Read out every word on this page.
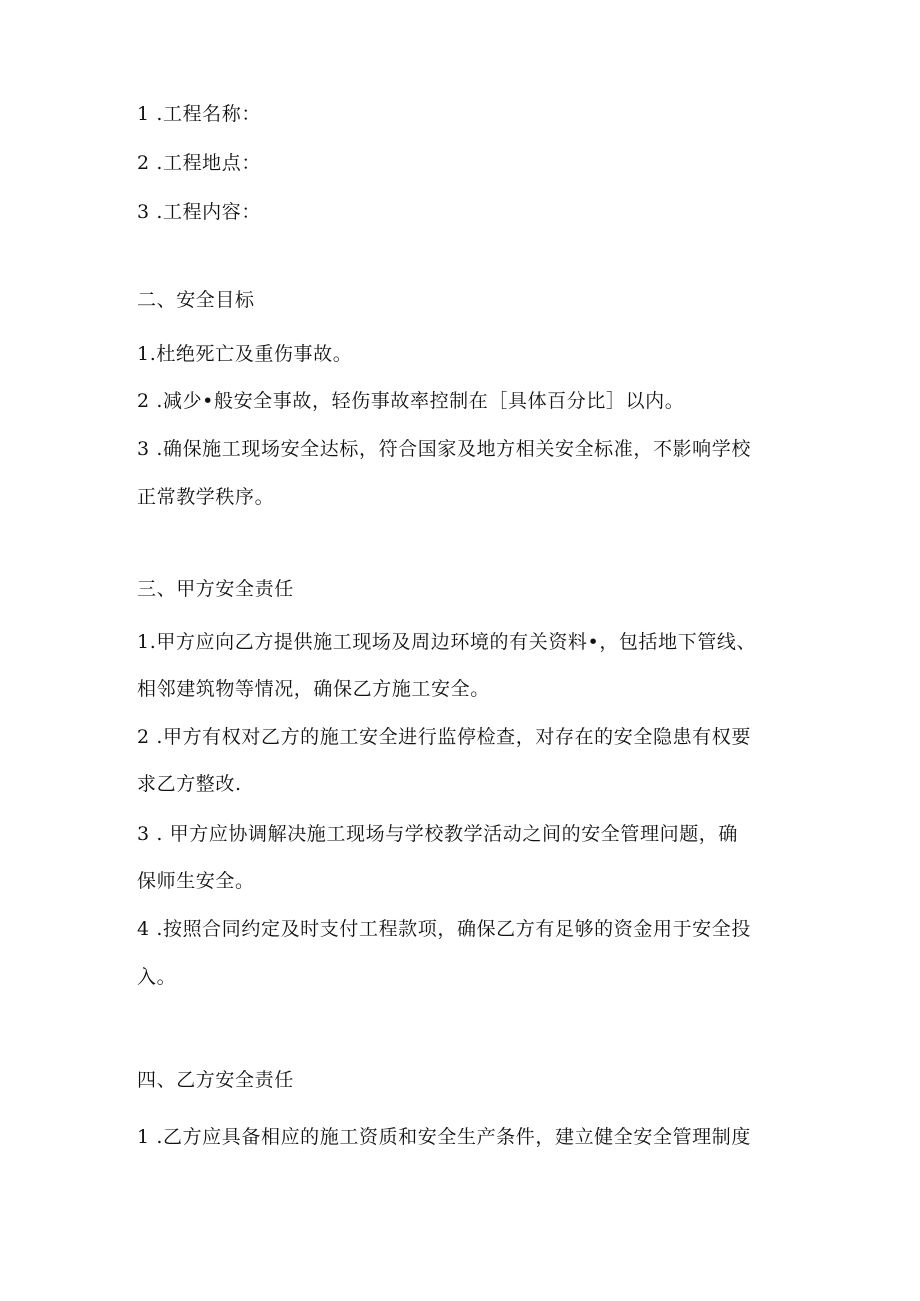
1 .工程名称：
2 .工程地点：
3 .工程内容：
二、安全目标
1.杜绝死亡及重伤事故。
2 .减少•般安全事故，轻伤事故率控制在［具体百分比］以内。
3 .确保施工现场安全达标，符合国家及地方相关安全标准，不影响学校
正常教学秩序。
三、甲方安全责任
1.甲方应向乙方提供施工现场及周边环境的有关资料•，包括地下管线、
相邻建筑物等情况，确保乙方施工安全。
2 .甲方有权对乙方的施工安全进行监停检查，对存在的安全隐患有权要
求乙方整改.
3 . 甲方应协调解决施工现场与学校教学活动之间的安全管理问题，确
保师生安全。
4 .按照合同约定及时支付工程款项，确保乙方有足够的资金用于安全投
入。
四、乙方安全责任
1 .乙方应具备相应的施工资质和安全生产条件，建立健全安全管理制度
